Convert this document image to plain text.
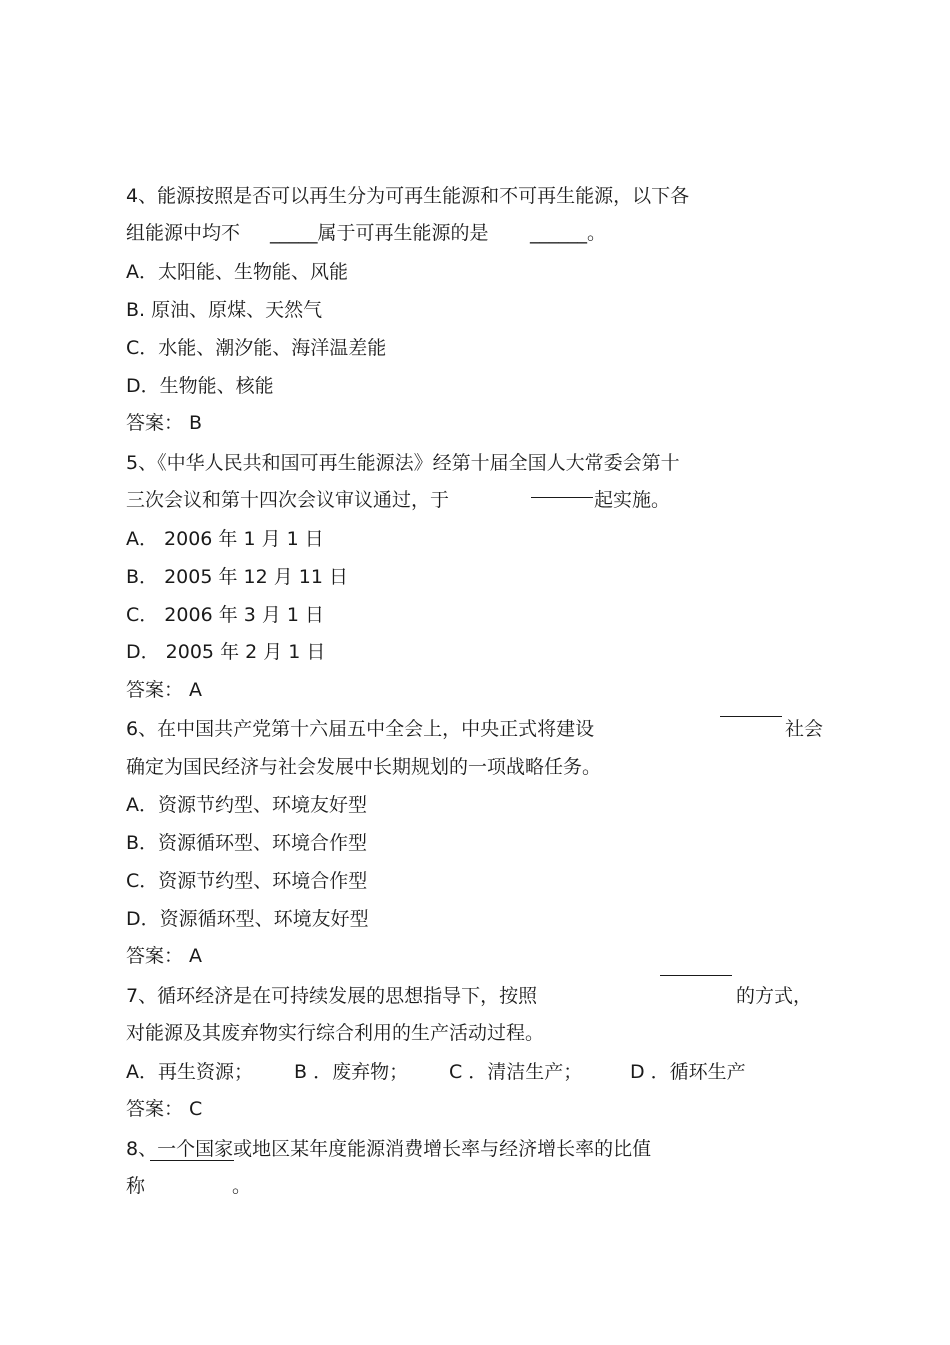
4、能源按照是否可以再生分为可再生能源和不可再生能源，以下各
组能源中均不 _____属于可再生能源的是 ______。
A．太阳能、生物能、风能
B. 原油、原煤、天然气
C．水能、潮汐能、海洋温差能
D．生物能、核能
答案： B
5、《中华人民共和国可再生能源法》经第十届全国人大常委会第十
三次会议和第十四次会议审议通过，于	起实施。
A． 2006 年 1 月 1 日
B． 2005 年 12 月 11 日
C． 2006 年 3 月 1 日
D． 2005 年 2 月 1 日
答案： A
6、在中国共产党第十六届五中全会上，中央正式将建设	社会
确定为国民经济与社会发展中长期规划的一项战略任务。
A．资源节约型、环境友好型
B．资源循环型、环境合作型
C．资源节约型、环境合作型
D．资源循环型、环境友好型
答案： A
7、循环经济是在可持续发展的思想指导下，按照	的方式，
对能源及其废弃物实行综合利用的生产活动过程。
A．再生资源； B ．废弃物； C ．清洁生产；	D ．循环生产
答案： C
8、一个国家或地区某年度能源消费增长率与经济增长率的比值
称	。
